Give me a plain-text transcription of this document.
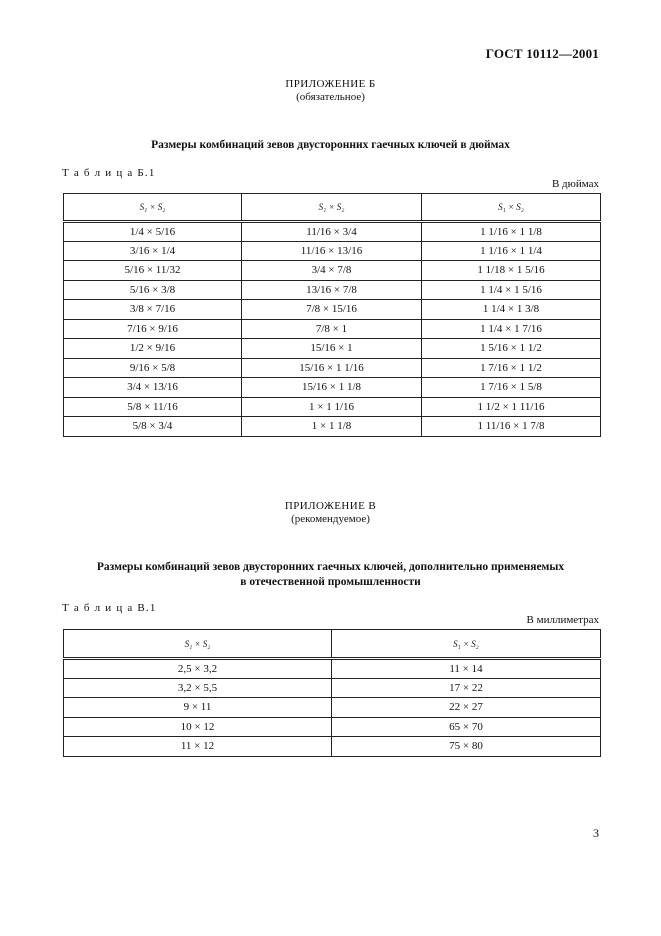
ГОСТ 10112—2001
ПРИЛОЖЕНИЕ Б
(обязательное)
Размеры комбинаций зевов двусторонних гаечных ключей в дюймах
Т а б л и ц а Б.1
В дюймах
S₁ × S₂	S₁ × S₂	S₁ × S₂
1/4 × 5/16	11/16 × 3/4	1 1/16 × 1 1/8
3/16 × 1/4	11/16 × 13/16	1 1/16 × 1 1/4
5/16 × 11/32	3/4 × 7/8	1 1/18 × 1 5/16
5/16 × 3/8	13/16 × 7/8	1 1/4 × 1 5/16
3/8 × 7/16	7/8 × 15/16	1 1/4 × 1 3/8
7/16 × 9/16	7/8 × 1	1 1/4 × 1 7/16
1/2 × 9/16	15/16 × 1	1 5/16 × 1 1/2
9/16 × 5/8	15/16 × 1 1/16	1 7/16 × 1 1/2
3/4 × 13/16	15/16 × 1 1/8	1 7/16 × 1 5/8
5/8 × 11/16	1 × 1 1/16	1 1/2 × 1 11/16
5/8 × 3/4	1 × 1 1/8	1 11/16 × 1 7/8
ПРИЛОЖЕНИЕ В
(рекомендуемое)
Размеры комбинаций зевов двусторонних гаечных ключей, дополнительно применяемых
в отечественной промышленности
Т а б л и ц а В.1
В миллиметрах
S₁ × S₂	S₁ × S₂
2,5 × 3,2	11 × 14
3,2 × 5,5	17 × 22
9 × 11	22 × 27
10 × 12	65 × 70
11 × 12	75 × 80
3
